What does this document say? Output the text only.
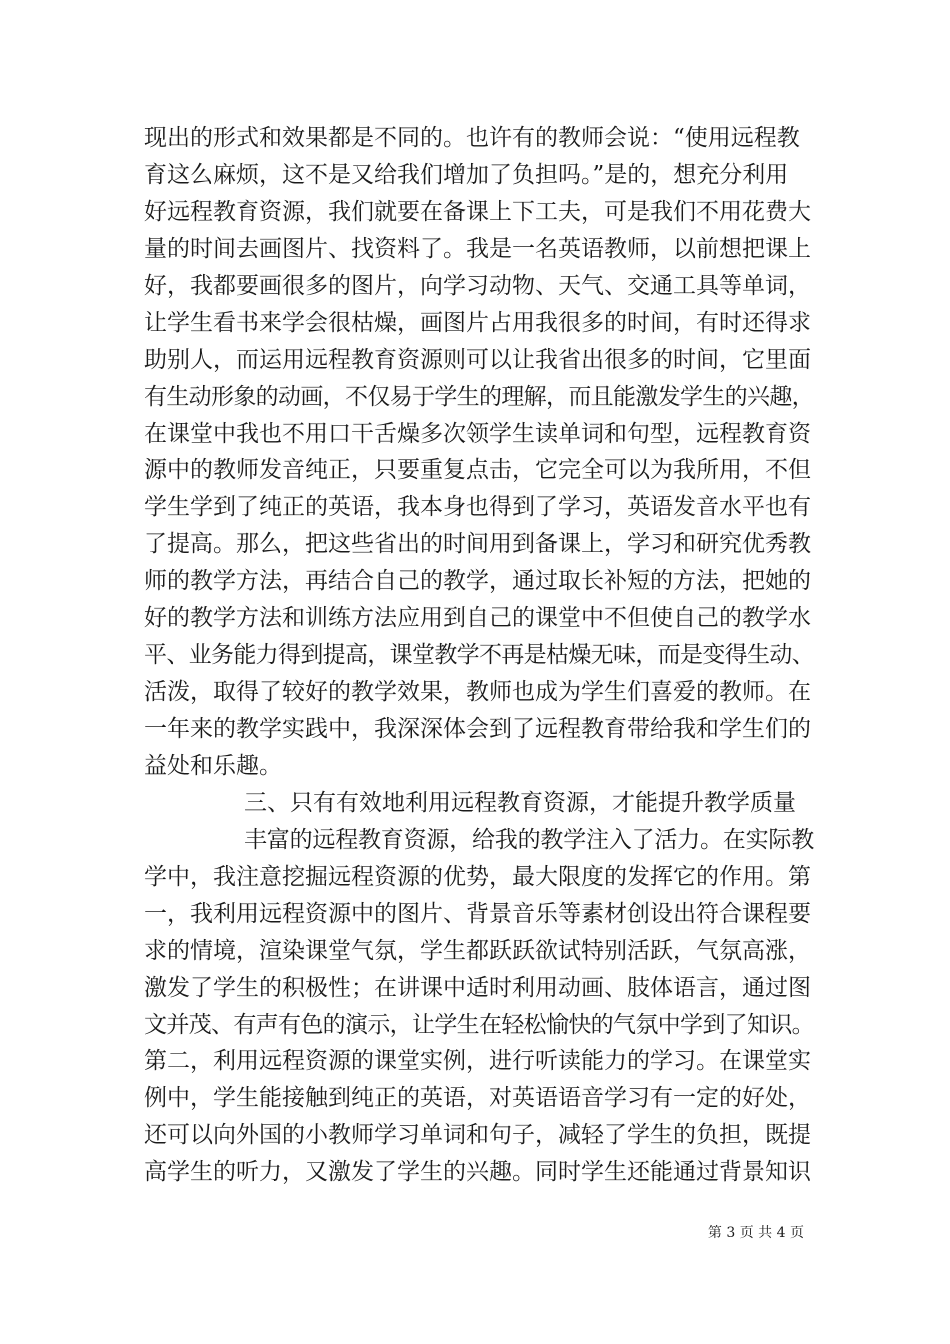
现出的形式和效果都是不同的。也许有的教师会说：“使用远程教
育这么麻烦，这不是又给我们增加了负担吗。”是的，想充分利用
好远程教育资源，我们就要在备课上下工夫，可是我们不用花费大
量的时间去画图片、找资料了。我是一名英语教师，以前想把课上
好，我都要画很多的图片，向学习动物、天气、交通工具等单词，
让学生看书来学会很枯燥，画图片占用我很多的时间，有时还得求
助别人，而运用远程教育资源则可以让我省出很多的时间，它里面
有生动形象的动画，不仅易于学生的理解，而且能激发学生的兴趣，
在课堂中我也不用口干舌燥多次领学生读单词和句型，远程教育资
源中的教师发音纯正，只要重复点击，它完全可以为我所用，不但
学生学到了纯正的英语，我本身也得到了学习，英语发音水平也有
了提高。那么，把这些省出的时间用到备课上，学习和研究优秀教
师的教学方法，再结合自己的教学，通过取长补短的方法，把她的
好的教学方法和训练方法应用到自己的课堂中不但使自己的教学水
平、业务能力得到提高，课堂教学不再是枯燥无味，而是变得生动、
活泼，取得了较好的教学效果，教师也成为学生们喜爱的教师。在
一年来的教学实践中，我深深体会到了远程教育带给我和学生们的
益处和乐趣。
三、只有有效地利用远程教育资源，才能提升教学质量
丰富的远程教育资源，给我的教学注入了活力。在实际教
学中，我注意挖掘远程资源的优势，最大限度的发挥它的作用。第
一，我利用远程资源中的图片、背景音乐等素材创设出符合课程要
求的情境，渲染课堂气氛，学生都跃跃欲试特别活跃，气氛高涨，
激发了学生的积极性；在讲课中适时利用动画、肢体语言，通过图
文并茂、有声有色的演示，让学生在轻松愉快的气氛中学到了知识。
第二，利用远程资源的课堂实例，进行听读能力的学习。在课堂实
例中，学生能接触到纯正的英语，对英语语音学习有一定的好处，
还可以向外国的小教师学习单词和句子，减轻了学生的负担，既提
高学生的听力，又激发了学生的兴趣。同时学生还能通过背景知识
第 3 页 共 4 页
